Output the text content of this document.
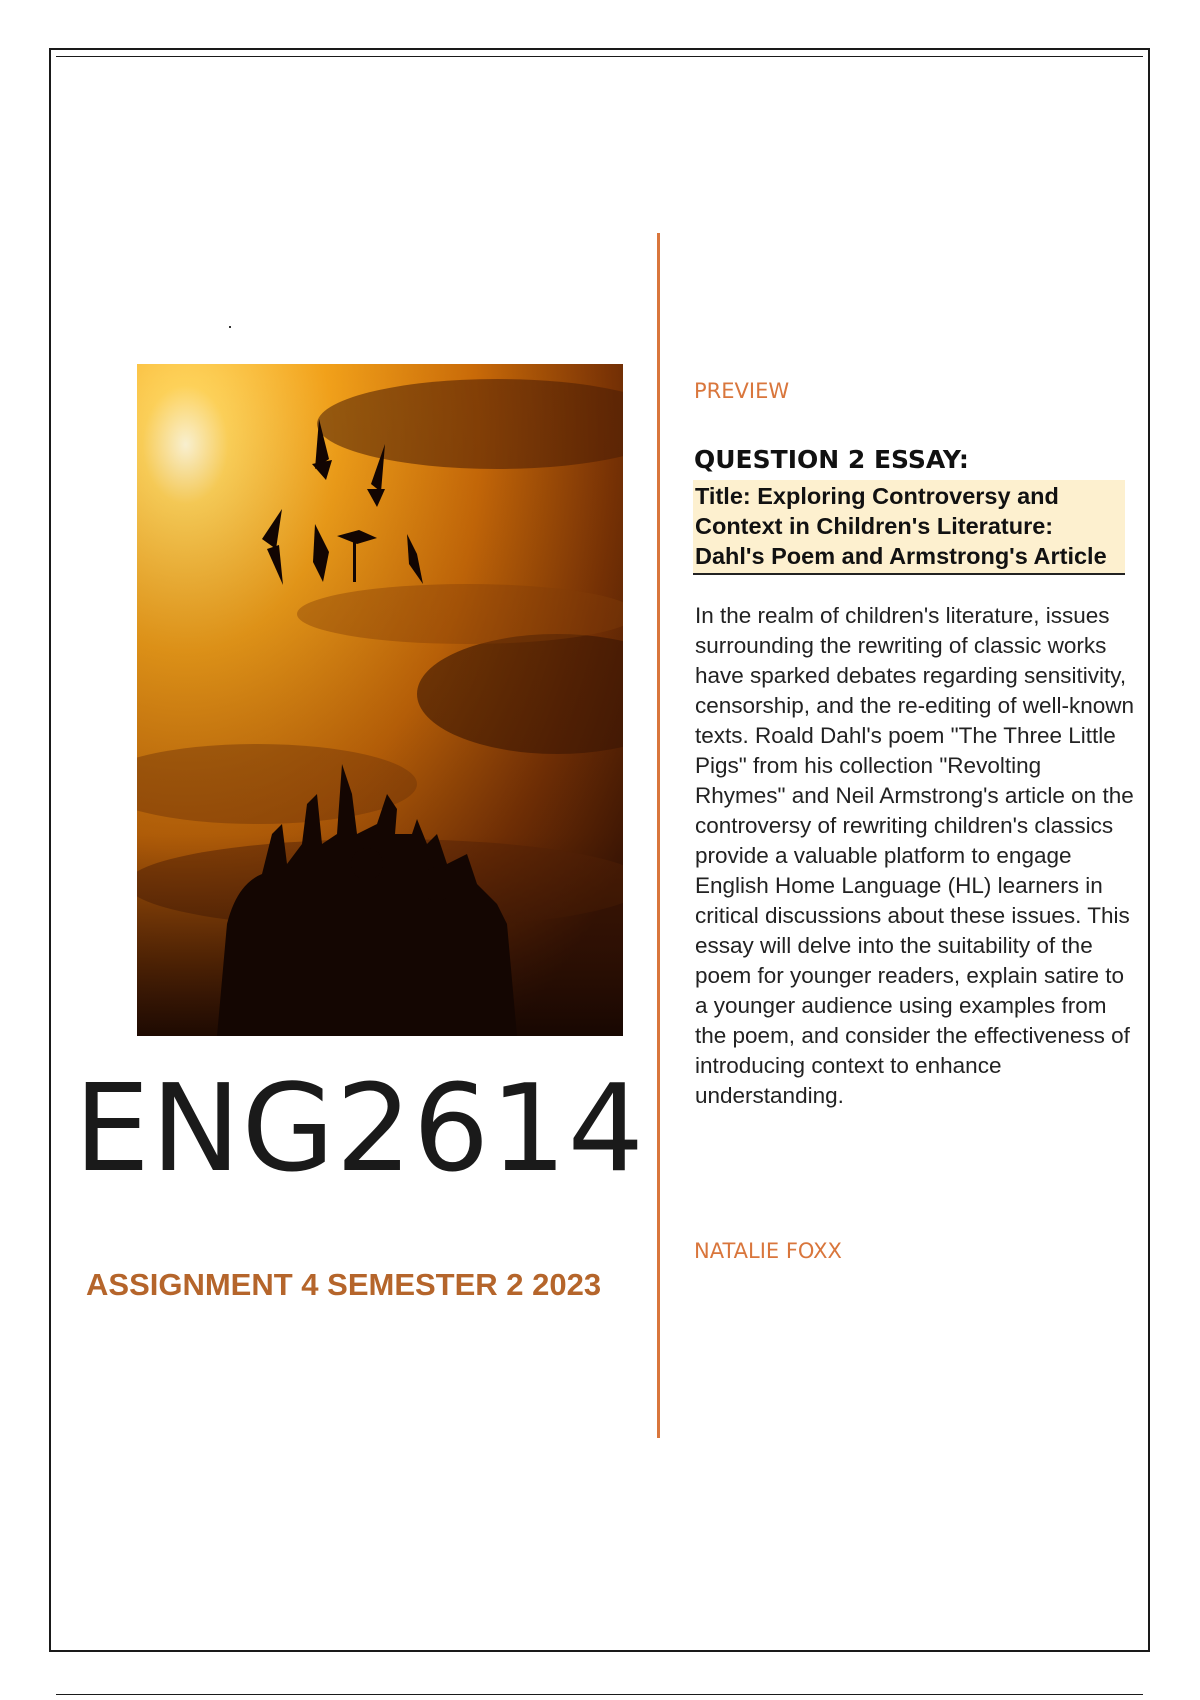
ENG2614
ASSIGNMENT 4 SEMESTER 2 2023
PREVIEW
QUESTION 2 ESSAY:
Title: Exploring Controversy and Context in Children's Literature: Dahl's Poem and Armstrong's Article
In the realm of children's literature, issues surrounding the rewriting of classic works have sparked debates regarding sensitivity, censorship, and the re-editing of well-known texts. Roald Dahl's poem "The Three Little Pigs" from his collection "Revolting Rhymes" and Neil Armstrong's article on the controversy of rewriting children's classics provide a valuable platform to engage English Home Language (HL) learners in critical discussions about these issues. This essay will delve into the suitability of the poem for younger readers, explain satire to a younger audience using examples from the poem, and consider the effectiveness of introducing context to enhance understanding.
NATALIE FOXX
